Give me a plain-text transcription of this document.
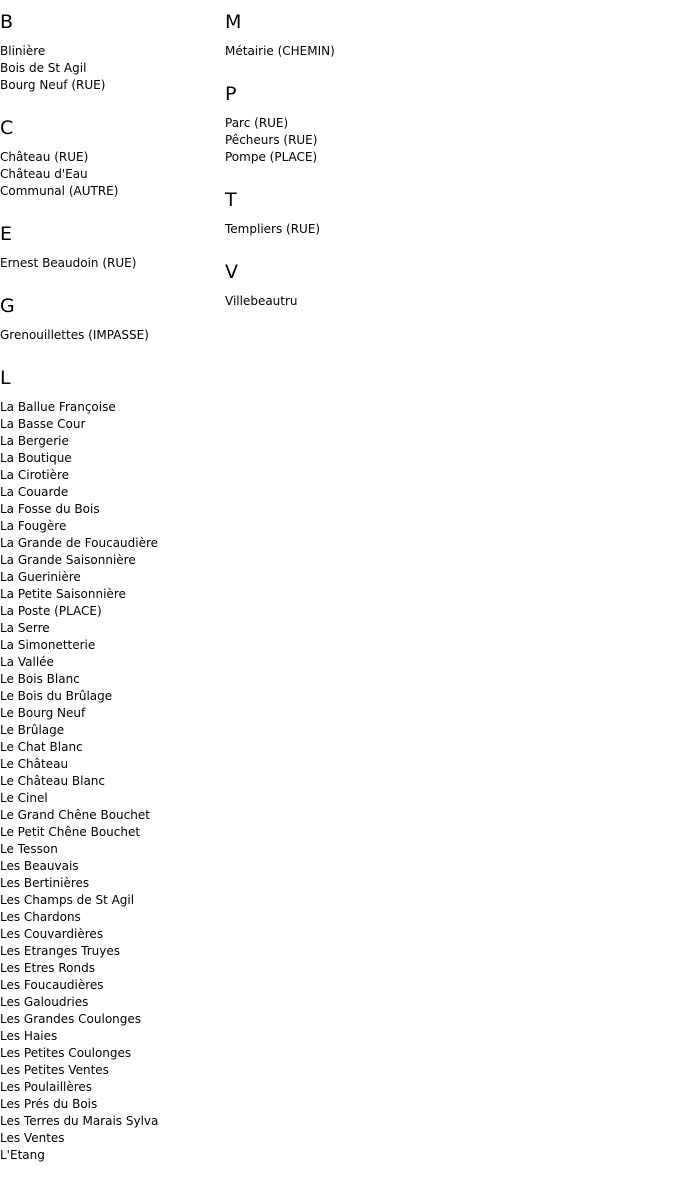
B
Blinière
Bois de St Agil
Bourg Neuf (RUE)
C
Château (RUE)
Château d'Eau
Communal (AUTRE)
E
Ernest Beaudoin (RUE)
G
Grenouillettes (IMPASSE)
L
La Ballue Françoise
La Basse Cour
La Bergerie
La Boutique
La Cirotière
La Couarde
La Fosse du Bois
La Fougère
La Grande de Foucaudière
La Grande Saisonnière
La Guerinière
La Petite Saisonnière
La Poste (PLACE)
La Serre
La Simonetterie
La Vallée
Le Bois Blanc
Le Bois du Brûlage
Le Bourg Neuf
Le Brûlage
Le Chat Blanc
Le Château
Le Château Blanc
Le Cinel
Le Grand Chêne Bouchet
Le Petit Chêne Bouchet
Le Tesson
Les Beauvais
Les Bertinières
Les Champs de St Agil
Les Chardons
Les Couvardières
Les Etranges Truyes
Les Etres Ronds
Les Foucaudières
Les Galoudries
Les Grandes Coulonges
Les Haies
Les Petites Coulonges
Les Petites Ventes
Les Poulaillères
Les Prés du Bois
Les Terres du Marais Sylva
Les Ventes
L'Etang
M
Métairie (CHEMIN)
P
Parc (RUE)
Pêcheurs (RUE)
Pompe (PLACE)
T
Templiers (RUE)
V
Villebeautru
